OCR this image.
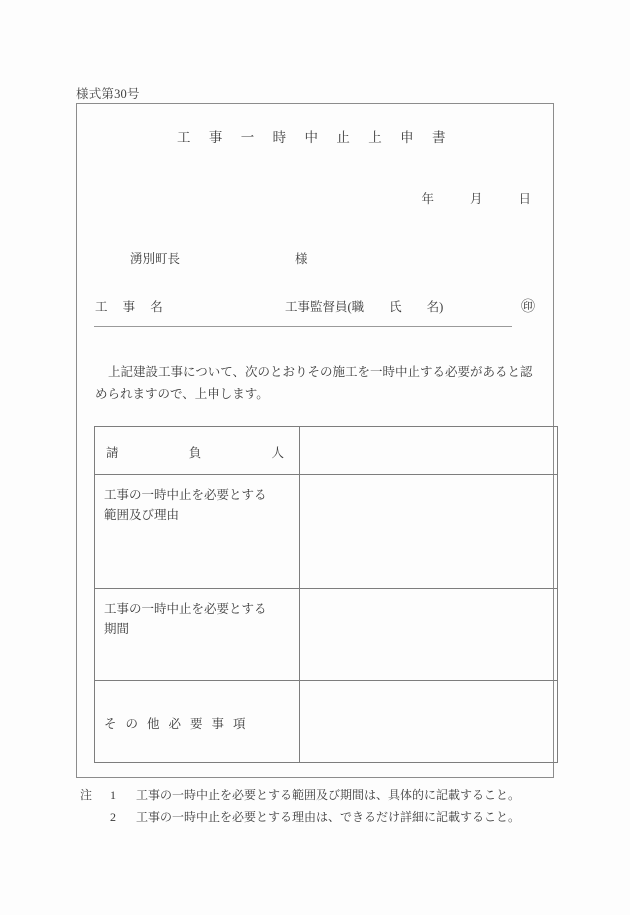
様式第30号
工 事 一 時 中 止 上 申 書
年	月	日
湧別町長	様
工 事 名	工事監督員(職　　氏　　名)	㊞
上記建設工事について、次のとおりその施工を一時中止する必要があると認められますので、上申します。
請 負 人	

工事の一時中止を必要とする
範囲及び理由	

工事の一時中止を必要とする
期間	

その他必要事項	

注	1	工事の一時中止を必要とする範囲及び期間は、具体的に記載すること。
2	工事の一時中止を必要とする理由は、できるだけ詳細に記載すること。
